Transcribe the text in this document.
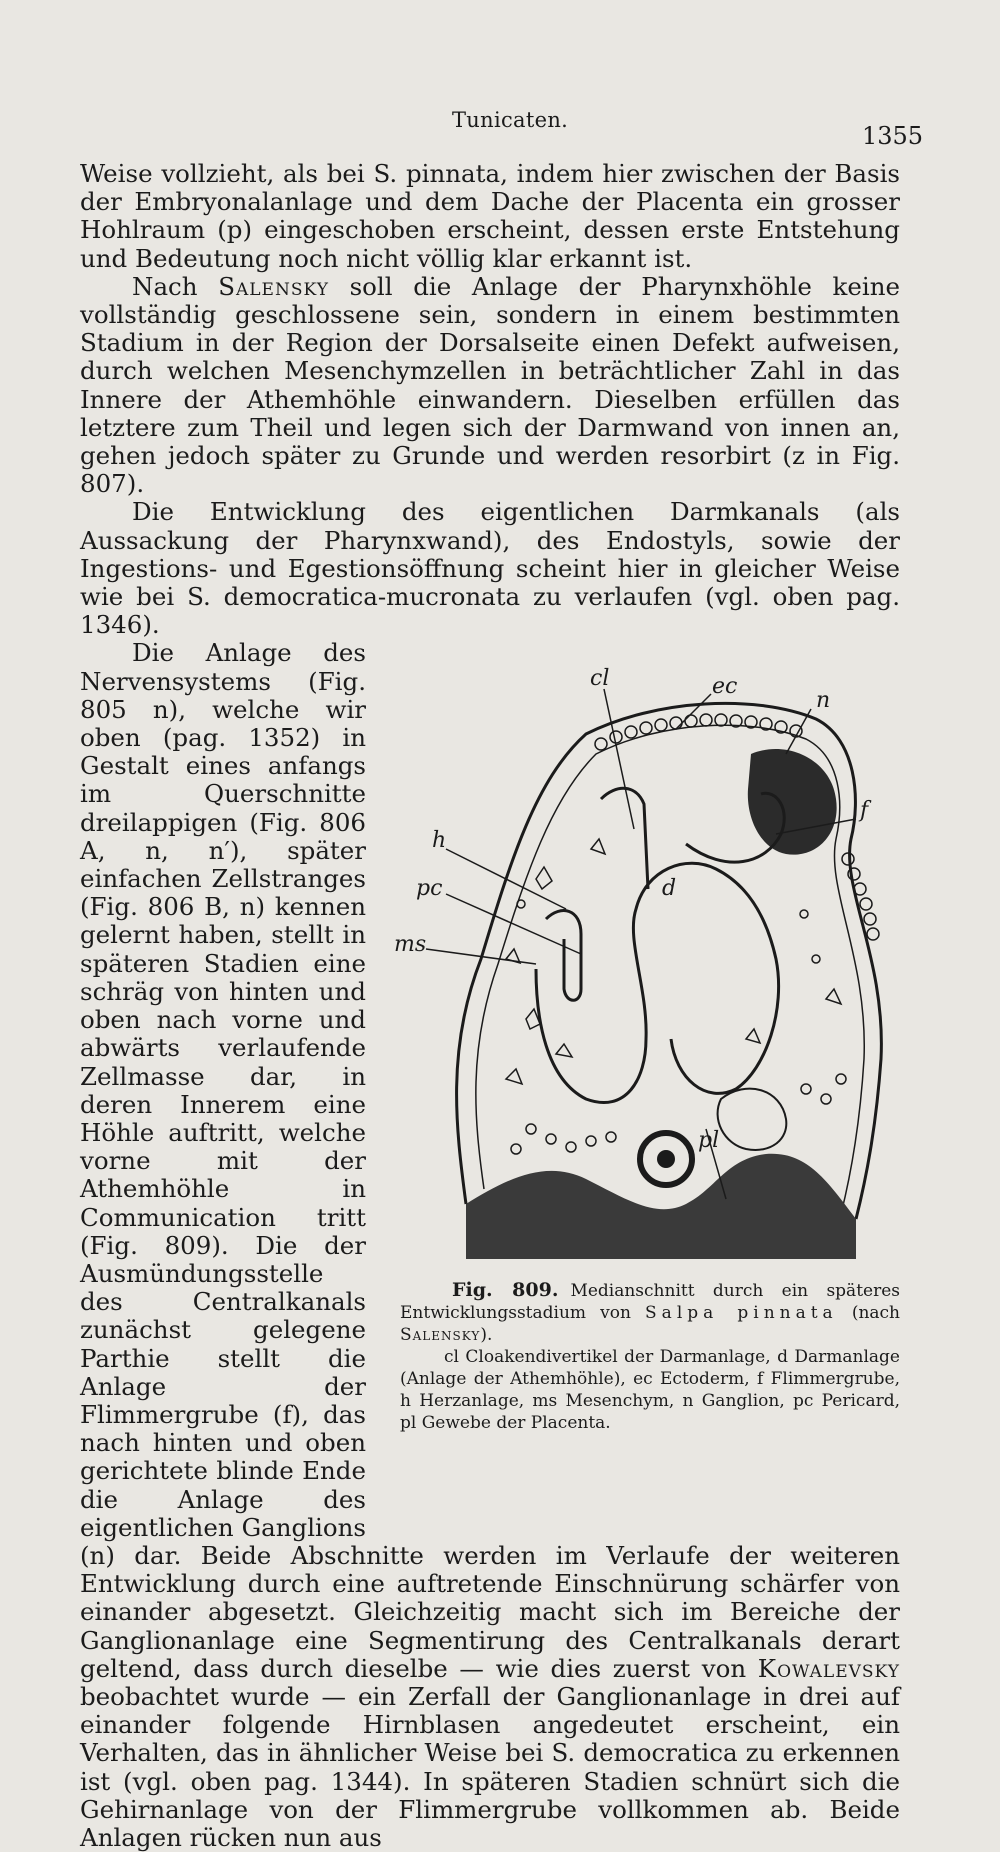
Tunicaten.
1355

Weise vollzieht, als bei S. pinnata, indem hier zwischen der Basis der Embryonalanlage und dem Dache der Placenta ein grosser Hohlraum (p) eingeschoben erscheint, dessen erste Entstehung und Bedeutung noch nicht völlig klar erkannt ist.

Nach Salensky soll die Anlage der Pharynxhöhle keine vollständig geschlossene sein, sondern in einem bestimmten Stadium in der Region der Dorsalseite einen Defekt aufweisen, durch welchen Mesenchymzellen in beträchtlicher Zahl in das Innere der Athemhöhle einwandern. Dieselben erfüllen das letztere zum Theil und legen sich der Darmwand von innen an, gehen jedoch später zu Grunde und werden resorbirt (z in Fig. 807).

Die Entwicklung des eigentlichen Darmkanals (als Aussackung der Pharynxwand), des Endostyls, sowie der Ingestions- und Egestionsöffnung scheint hier in gleicher Weise wie bei S. democratica-mucronata zu verlaufen (vgl. oben pag. 1346).

cl	ec
n
f
h
pc
ms
d
pl
Fig. 809. Medianschnitt durch ein späteres Entwicklungsstadium von Salpa pinnata (nach Salensky).
cl Cloakendivertikel der Darmanlage, d Darmanlage (Anlage der Athemhöhle), ec Ectoderm, f Flimmergrube, h Herzanlage, ms Mesenchym, n Ganglion, pc Pericard, pl Gewebe der Placenta.
Die Anlage des Nervensystems (Fig. 805 n), welche wir oben (pag. 1352) in Gestalt eines anfangs im Querschnitte dreilappigen (Fig. 806 A, n, n′), später einfachen Zellstranges (Fig. 806 B, n) kennen gelernt haben, stellt in späteren Stadien eine schräg von hinten und oben nach vorne und abwärts verlaufende Zellmasse dar, in deren Innerem eine Höhle auftritt, welche vorne mit der Athemhöhle in Communication tritt (Fig. 809). Die der Ausmündungsstelle des Centralkanals zunächst gelegene Parthie stellt die Anlage der Flimmergrube (f), das nach hinten und oben gerichtete blinde Ende die Anlage des eigentlichen Ganglions (n) dar. Beide Abschnitte werden im Verlaufe der weiteren Entwicklung durch eine auftretende Einschnürung schärfer von einander abgesetzt. Gleichzeitig macht sich im Bereiche der Ganglionanlage eine Segmentirung des Centralkanals derart geltend, dass durch dieselbe — wie dies zuerst von Kowalevsky beobachtet wurde — ein Zerfall der Ganglionanlage in drei auf einander folgende Hirnblasen angedeutet erscheint, ein Verhalten, das in ähnlicher Weise bei S. democratica zu erkennen ist (vgl. oben pag. 1344). In späteren Stadien schnürt sich die Gehirnanlage von der Flimmergrube vollkommen ab. Beide Anlagen rücken nun aus
